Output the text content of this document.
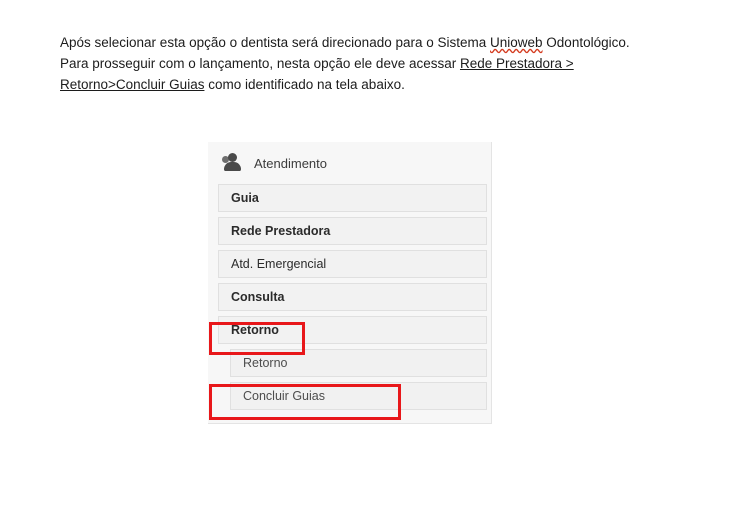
Após selecionar esta opção o dentista será direcionado para o Sistema Unioweb Odontológico.
Para prosseguir com o lançamento, nesta opção ele deve acessar Rede Prestadora >
Retorno>Concluir Guias como identificado na tela abaixo.
Atendimento
Guia
Rede Prestadora
Atd. Emergencial
Consulta
Retorno
Retorno
Concluir Guias
